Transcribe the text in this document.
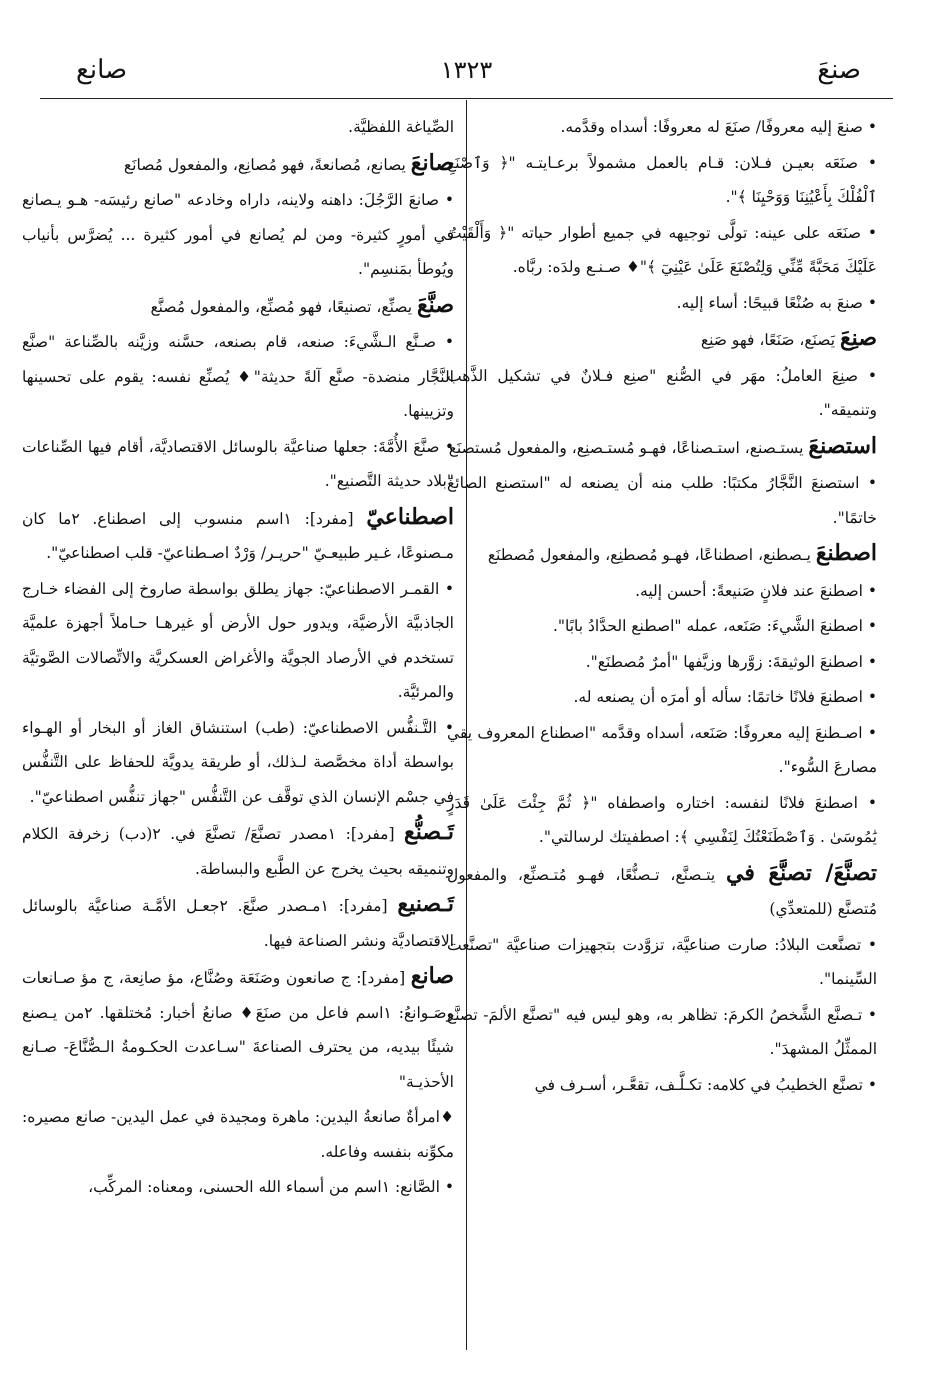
صنعَ
١٣٢٣
صانع

• صنعَ إليه معروفًا/ صنَعَ له معروفًا: أسداه وقدَّمه.

• صنَعَه بعيـن فـلان: قـام بالعمل مشمولاً برعـايتـه "﴿ وَٱصْنَعِ ٱلْفُلْكَ بِأَعْيُنِنَا وَوَحْيِنَا ﴾".

• صنَعَه على عينه: تولَّى توجيهه في جميع أطوار حياته "﴿ وَأَلْقَيْتُ عَلَيْكَ مَحَبَّةً مِّنِّي وَلِتُصْنَعَ عَلَىٰ عَيْنِيٓ ﴾"♦ صـنـع ولدَه: ربَّاه.

• صنعَ به صُنْعًا قبيحًا: أساء إليه.

صنِعَ يَصنَع، صَنَعًا، فهو صَنِع

• صنِعَ العاملُ: مهَر في الصُّنع "صنِع فـلانٌ في تشكيل الذَّهب وتنميقه".

استصنعَ يستـصنع، استـصناعًا، فهـو مُستـصنِع، والمفعول مُستصنَع

• استصنعَ النَّجَّارُ مكتبًا: طلب منه أن يصنعه له "استصنع الصائغَ خاتمًا".

اصطنعَ يـصطنع، اصطناعًا، فهـو مُصطنِع، والمفعول مُصطنَع

• اصطنعَ عند فلانٍ صَنيعةً: أحسن إليه.

• اصطنعَ الشَّيءَ: صَنَعه، عمله "اصطنع الحدَّادُ بابًا".

• اصطنعَ الوثيقةَ: زوَّرها وزيَّفها "أمرٌ مُصطنَع".

• اصطنعَ فلانًا خاتمًا: سأله أو أمرَه أن يصنعه له.

• اصـطنعَ إليه معروفًا: صَنَعه، أسداه وقدَّمه "اصطناع المعروف يقي مصارعَ السُّوء".

• اصطنعَ فلانًا لنفسه: اختاره واصطفاه "﴿ ثُمَّ جِئْتَ عَلَىٰ قَدَرٍ يَٰمُوسَىٰ . وَٱصْطَنَعْتُكَ لِنَفْسِي ﴾: اصطفيتك لرسالتي".

تصنَّعَ/ تصنَّعَ في يتـصنَّع، تـصنُّعًا، فهـو مُتـصنِّع، والمفعول مُتصنَّع (للمتعدِّي)

• تصنَّعت البلادُ: صارت صناعيَّة، تزوَّدت بتجهيزات صناعيَّة "تصنَّعت السِّينما".

• تـصنَّع الشَّخصُ الكرمَ: تظاهر به، وهو ليس فيه "تصنَّع الألمَ- تصنَّع الممثِّلُ المشهدَ".

• تصنَّع الخطيبُ في كلامه: تكـلَّـف، تقعَّـر، أسـرف في

الصِّياغة اللفظيَّة.

صانعَ يصانع، مُصانعةً، فهو مُصانِع، والمفعول مُصانَع

• صانعَ الرَّجُلَ: داهنه ولاينه، داراه وخادعه "صانع رئيسَه- هـو يـصانع في أمورٍ كثيرة- ومن لم يُصانع في أمور كثيرة ... يُضرَّس بأنياب ويُوطأ بمَنسِم".

صنَّعَ يصنِّع، تصنيعًا، فهو مُصنِّع، والمفعول مُصنَّع

• صـنَّع الـشَّيءَ: صنعه، قام بصنعه، حسَّنه وزيَّنه بالصِّناعة "صنَّع النَّجَّار منضدة- صنَّع آلةً حديثة"♦ يُصنِّع نفسه: يقوم على تحسينها وتزيينها.

• صنَّعَ الأُمَّةَ: جعلها صناعيَّة بالوسائل الاقتصاديَّة، أقام فيها الصِّناعات "بلاد حديثة التَّصنيع".

اصطناعيّ [مفرد]: ١اسم منسوب إلى اصطناع. ٢ما كان مـصنوعًا، غـير طبيعـيّ "حريـر/ وَرْدٌ اصـطناعيّ- قلب اصطناعيّ".

• القمـر الاصطناعيّ: جهاز يطلق بواسطة صاروخ إلى الفضاء خـارج الجاذبيَّة الأرضيَّة، ويدور حول الأرض أو غيرهـا حـاملاً أجهزة علميَّة تستخدم في الأرصاد الجويَّة والأغراض العسكريَّة والاتِّصالات الصَّوتيَّة والمرئيَّة.

• التَّـنفُّس الاصطناعيّ: (طب) استنشاق الغاز أو البخار أو الهـواء بواسطة أداة مخصَّصة لـذلك، أو طريقة يدويَّة للحفاظ على التَّنفُّس في جسْم الإنسان الذي توقَّف عن التَّنفُّس "جهاز تنفُّس اصطناعيّ".

تَـصنُّع [مفرد]: ١مصدر تصنَّعَ/ تصنَّعَ في. ٢(دب) زخرفة الكلام وتنميقه بحيث يخرج عن الطَّبع والبساطة.

تَـصنيع [مفرد]: ١مـصدر صنَّعَ. ٢جعـل الأمَّـة صناعيَّة بالوسائل الاقتصاديَّة ونشر الصناعة فيها.

صانع [مفرد]: ج صانعون وصَنَعَة وصُنَّاع، مؤ صانِعة، ج مؤ صـانعات وصَـوانعُ: ١اسم فاعل من صنَعَ♦ صانعُ أخبار: مُختلقها. ٢من يـصنع شيئًا بيديه، من يحترف الصناعةَ "سـاعدت الحكـومةُ الـصُّنَّاعَ- صـانع الأحذيـة"

♦امرأةٌ صانعةُ اليدين: ماهرة ومجيدة في عمل اليدين- صانع مصيره: مكوِّنه بنفسه وفاعله.

• الصَّانع: ١اسم من أسماء الله الحسنى، ومعناه: المركِّب،
